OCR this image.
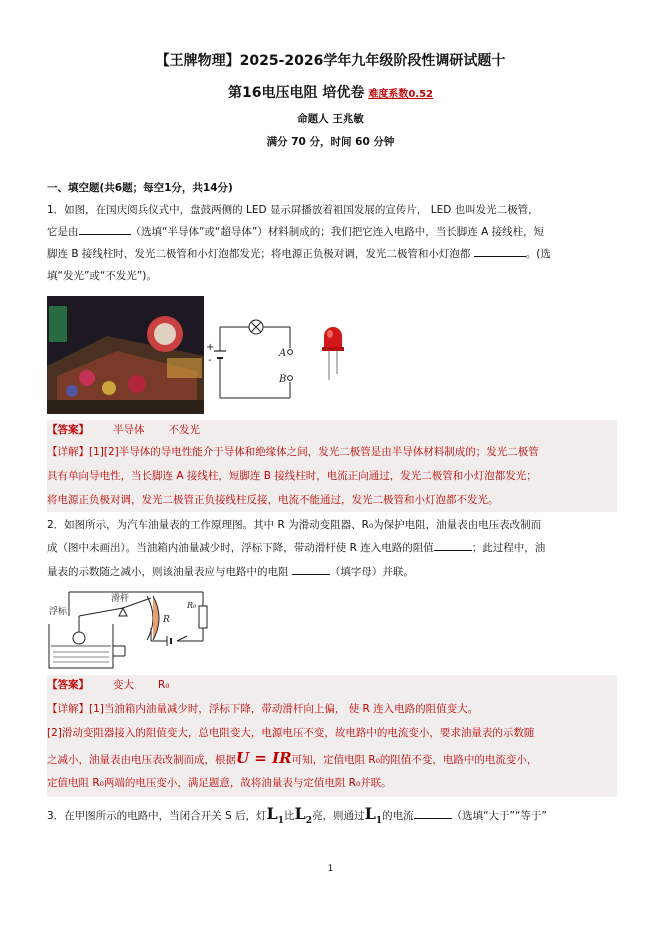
【王牌物理】2025-2026学年九年级阶段性调研试题十
第16电压电阻 培优卷 难度系数0.52
命题人 王兆敏
满分 70 分，时间 60 分钟
一、填空题(共6题；每空1分，共14分)
1．如图，在国庆阅兵仪式中，盘鼓两侧的 LED 显示屏播放着祖国发展的宣传片， LED 也叫发光二极管，
它是由	（选填“半导体”或“超导体”）材料制成的；我们把它连入电路中，当长脚连 A 接线柱，短
脚连 B 接线柱时，发光二极管和小灯泡都发光；将电源正负极对调，发光二极管和小灯泡都	。(选
填“发光”或“不发光”)。
+
-
A
B
【答案】 半导体 不发光
【详解】[1][2]半导体的导电性能介于导体和绝缘体之间，发光二极管是由半导体材料制成的；发光二极管
具有单向导电性，当长脚连 A 接线柱，短脚连 B 接线柱时，电流正向通过，发光二极管和小灯泡都发光；
将电源正负极对调，发光二极管正负接线柱反接，电流不能通过，发光二极管和小灯泡都不发光。
2．如图所示，为汽车油量表的工作原理图。其中 R 为滑动变阻器、R₀为保护电阻，油量表由电压表改制而
成（图中未画出）。当油箱内油量减少时，浮标下降，带动滑杆使 R 连入电路的阻值	；此过程中，油
量表的示数随之减小，则该油量表应与电路中的电阻	（填字母）并联。
滑杆
浮标
R
R₀
【答案】 变大 R₀
【详解】[1]当油箱内油量减少时，浮标下降，带动滑杆向上偏， 使 R 连入电路的阻值变大。
[2]滑动变阻器接入的阻值变大，总电阻变大，电源电压不变，故电路中的电流变小，要求油量表的示数随
之减小，油量表由电压表改制而成，根据U = IR可知，定值电阻 R₀的阻值不变，电路中的电流变小，
定值电阻 R₀两端的电压变小，满足题意，故将油量表与定值电阻 R₀并联。
3．在甲图所示的电路中，当闭合开关 S 后，灯$L_1$比$L_2$亮，则通过$L_1$的电流	（选填“大于”“等于”
1
